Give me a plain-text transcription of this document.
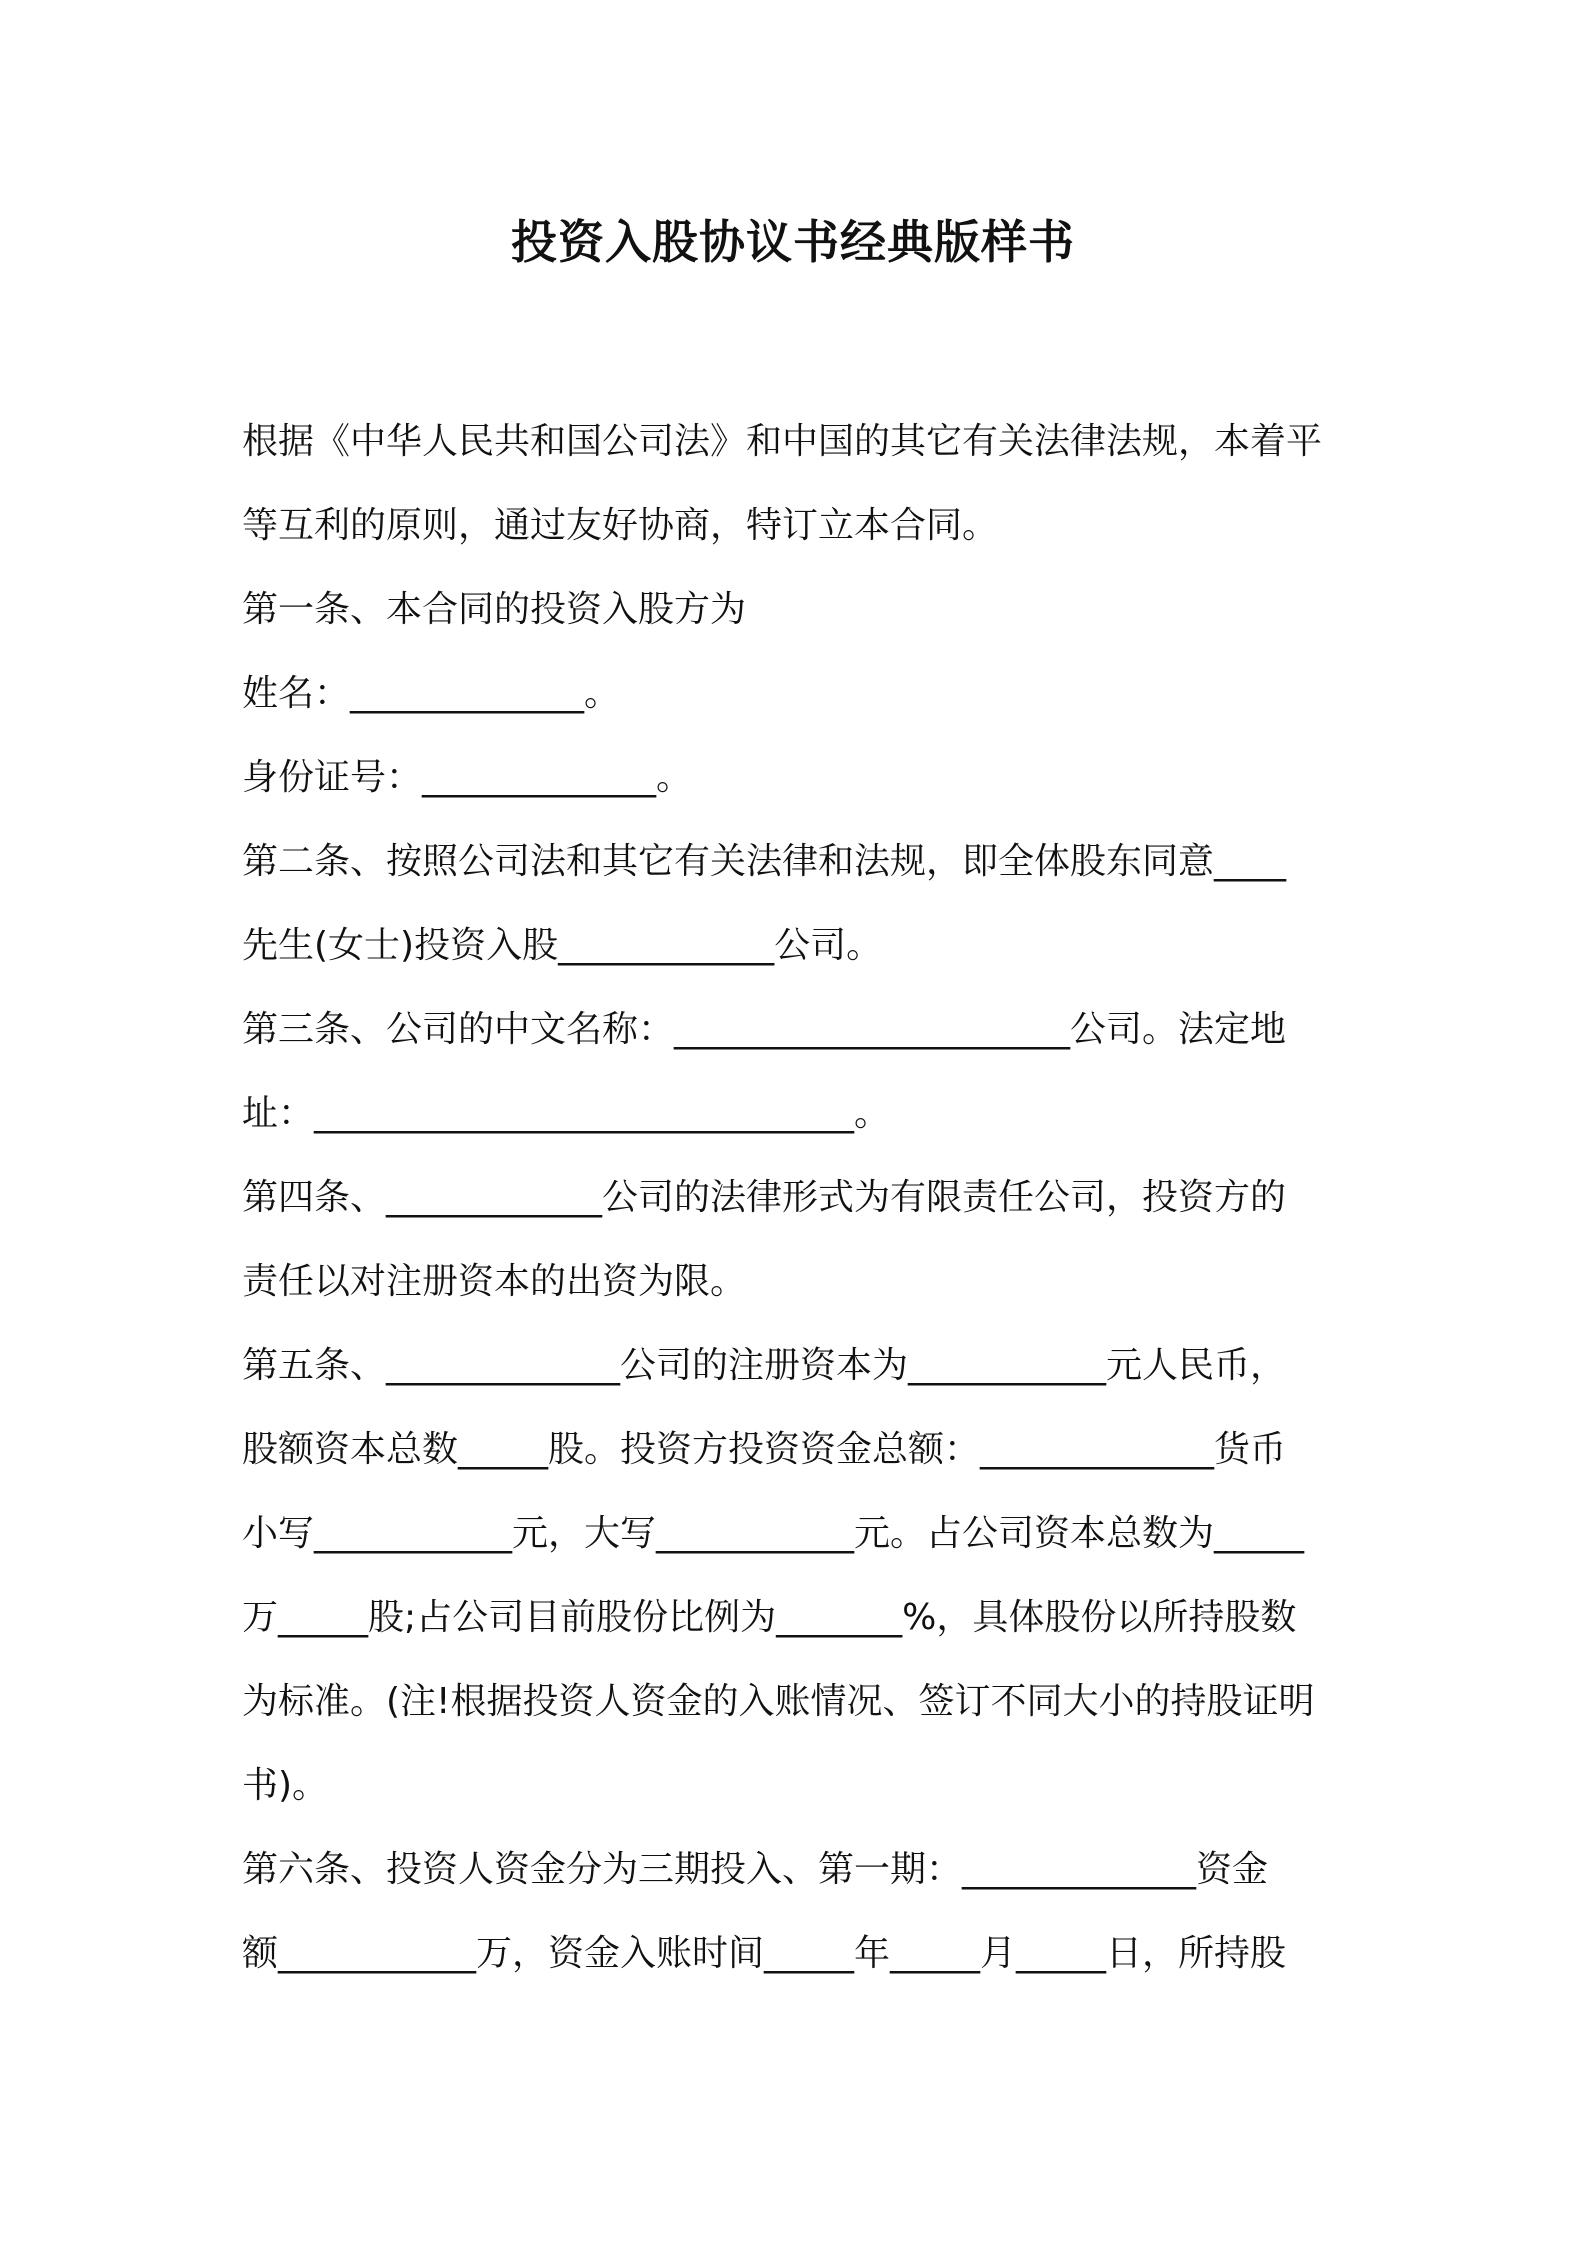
投资入股协议书经典版样书
根据《中华人民共和国公司法》和中国的其它有关法律法规，本着平
等互利的原则，通过友好协商，特订立本合同。
第一条、本合同的投资入股方为
姓名：_____________。
身份证号：_____________。
第二条、按照公司法和其它有关法律和法规，即全体股东同意____
先生(女士)投资入股____________公司。
第三条、公司的中文名称：______________________公司。法定地
址：______________________________。
第四条、____________公司的法律形式为有限责任公司，投资方的
责任以对注册资本的出资为限。
第五条、_____________公司的注册资本为___________元人民币，
股额资本总数_____股。投资方投资资金总额：_____________货币
小写___________元，大写___________元。占公司资本总数为_____
万_____股;占公司目前股份比例为_______%，具体股份以所持股数
为标准。(注!根据投资人资金的入账情况、签订不同大小的持股证明
书)。
第六条、投资人资金分为三期投入、第一期：_____________资金
额___________万，资金入账时间_____年_____月_____日，所持股
